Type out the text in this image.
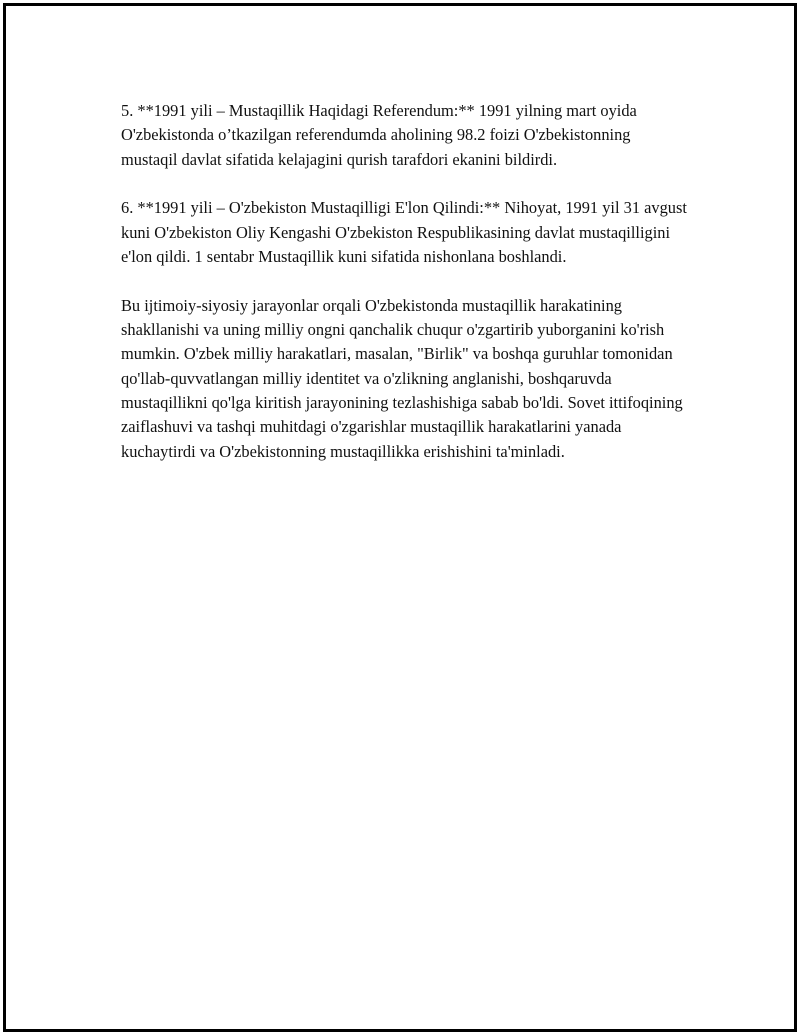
5. **1991 yili – Mustaqillik Haqidagi Referendum:** 1991 yilning mart oyida O'zbekistonda o’tkazilgan referendumda aholining 98.2 foizi O'zbekistonning mustaqil davlat sifatida kelajagini qurish tarafdori ekanini bildirdi.

6. **1991 yili – O'zbekiston Mustaqilligi E'lon Qilindi:** Nihoyat, 1991 yil 31 avgust kuni O'zbekiston Oliy Kengashi O'zbekiston Respublikasining davlat mustaqilligini e'lon qildi. 1 sentabr Mustaqillik kuni sifatida nishonlana boshlandi.

Bu ijtimoiy-siyosiy jarayonlar orqali O'zbekistonda mustaqillik harakatining shakllanishi va uning milliy ongni qanchalik chuqur o'zgartirib yuborganini ko'rish mumkin. O'zbek milliy harakatlari, masalan, "Birlik" va boshqa guruhlar tomonidan qo'llab-quvvatlangan milliy identitet va o'zlikning anglanishi, boshqaruvda mustaqillikni qo'lga kiritish jarayonining tezlashishiga sabab bo'ldi. Sovet ittifoqining zaiflashuvi va tashqi muhitdagi o'zgarishlar mustaqillik harakatlarini yanada kuchaytirdi va O'zbekistonning mustaqillikka erishishini ta'minladi.
